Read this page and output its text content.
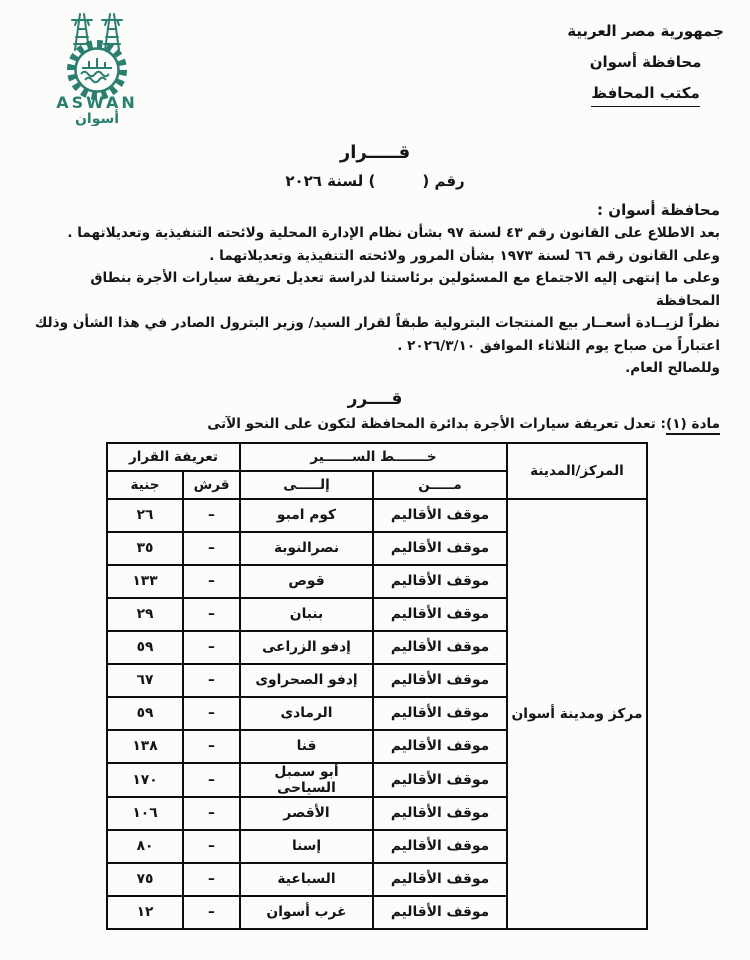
ASWAN
أسوان
جمهورية مصر العربية
محافظة أسوان
مكتب المحافظ
قـــــرار
رقم (         ) لسنة ٢٠٢٦
محافظة أسوان :
بعد الاطلاع على القانون رقم ٤٣ لسنة ٩٧ بشأن نظام الإدارة المحلية ولائحته التنفيذية وتعديلاتهما .
وعلى القانون رقم ٦٦ لسنة ١٩٧٣ بشأن المرور ولائحته التنفيذية وتعديلاتهما .
وعلى ما إنتهى إليه الاجتماع مع المسئولين برئاستنا لدراسة تعديل تعريفة سيارات الأجرة بنطاق المحافظة
نظراً لزيــادة أسعــار بيع المنتجات البترولية طبقاً لقرار السيد/ وزير البترول الصادر في هذا الشأن وذلك
اعتباراً من صباح يوم الثلاثاء الموافق ٢٠٢٦/٣/١٠ .
وللصالح العام.
قــــرر
مادة (١): تعدل تعريفة سيارات الأجرة بدائرة المحافظة لتكون على النحو الآتى
المركز/المدينة	خـــــــط الســــــير		تعريفة القرار	
	مـــــن	إلـــــى	قرش	جنية
مركز ومدينة أسوان	موقف الأقاليم	كوم امبو	–	٢٦
	موقف الأقاليم	نصرالنوبة	–	٣٥
	موقف الأقاليم	قوص	–	١٣٣
	موقف الأقاليم	بنبان	–	٢٩
	موقف الأقاليم	إدفو الزراعى	–	٥٩
	موقف الأقاليم	إدفو الصحراوى	–	٦٧
	موقف الأقاليم	الرمادى	–	٥٩
	موقف الأقاليم	قنا	–	١٣٨
	موقف الأقاليم	أبو سمبل السياحى	–	١٧٠
	موقف الأقاليم	الأقصر	–	١٠٦
	موقف الأقاليم	إسنا	–	٨٠
	موقف الأقاليم	السباعية	–	٧٥
	موقف الأقاليم	غرب أسوان	–	١٢
